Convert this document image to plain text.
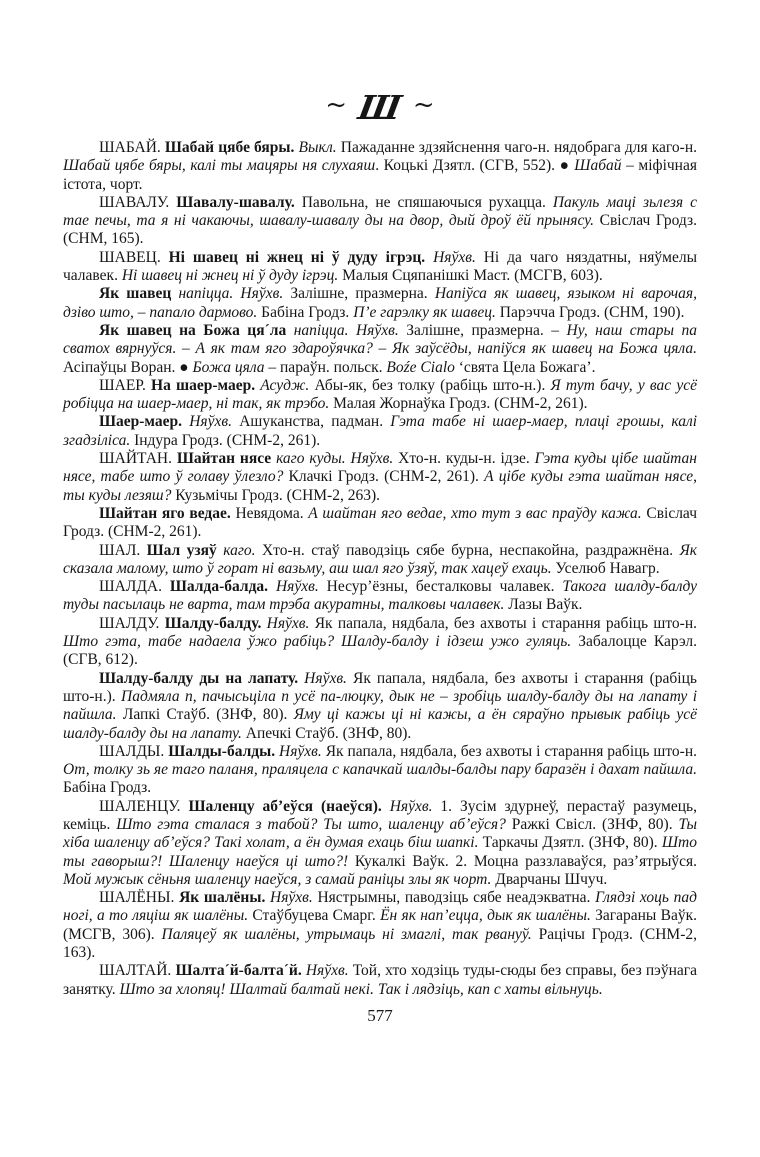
~ Ш ~

ШАБАЙ. Шабай цябе бяры. Выкл. Пажаданне здзяйснення чаго-н. нядобрага для каго-н. Шабай цябе бяры, калі ты мацяры ня слухаяш. Коцькі Дзятл. (СГВ, 552). ● Шабай – міфічная істота, чорт.

ШАВАЛУ. Шавалу-шавалу. Павольна, не спяшаючыся рухацца. Пакуль маці зьлезя с тае печы, та я ні чакаючы, шавалу-шавалу ды на двор, дый дроў ёй прынясу. Свіслач Гродз. (СНМ, 165).

ШАВЕЦ. Ні шавец ні жнец ні ў дуду ігрэц. Няўхв. Ні да чаго няздатны, няўмелы чалавек. Ні шавец ні жнец ні ў дуду ігрэц. Малыя Сцяпанішкі Маст. (МСГВ, 603).

Як шавец напіцца. Няўхв. Залішне, празмерна. Напіўса як шавец, языком ні варочая, дзіво што, – папало дармово. Бабіна Гродз. П’е гарэлку як шавец. Парэчча Гродз. (СНМ, 190).

Як шавец на Божа ця´ла напіцца. Няўхв. Залішне, празмерна. – Ну, наш стары па сватох вярнуўся. – А як там яго здароўячка? – Як заўсёды, напіўся як шавец на Божа цяла. Асіпаўцы Воран. ● Божа цяла – параўн. польск. Boźe Cialo ‘свята Цела Божага’.

ШАЕР. На шаер-маер. Асудж. Абы-як, без толку (рабіць што-н.). Я тут бачу, у вас усё робіцца на шаер-маер, ні так, як трэбо. Малая Жорнаўка Гродз. (СНМ-2, 261).

Шаер-маер. Няўхв. Ашуканства, падман. Гэта табе ні шаер-маер, плаці грошы, калі згадзіліса. Індура Гродз. (СНМ-2, 261).

ШАЙТАН. Шайтан нясе каго куды. Няўхв. Хто-н. куды-н. ідзе. Гэта куды цібе шайтан нясе, табе што ў голаву ўлезло? Клачкі Гродз. (СНМ-2, 261). А цібе куды гэта шайтан нясе, ты куды лезяш? Кузьмічы Гродз. (СНМ-2, 263).

Шайтан яго ведае. Невядома. А шайтан яго ведае, хто тут з вас праўду кажа. Свіслач Гродз. (СНМ-2, 261).

ШАЛ. Шал узяў каго. Хто-н. стаў паводзіць сябе бурна, неспакойна, раздражнёна. Як сказала малому, што ў горат ні вазьму, аш шал яго ўзяў, так хацеў ехаць. Уселюб Навагр.

ШАЛДА. Шалда-балда. Няўхв. Несур’ёзны, бесталковы чалавек. Такога шалду-балду туды пасылаць не варта, там трэба акуратны, талковы чалавек. Лазы Ваўк.

ШАЛДУ. Шалду-балду. Няўхв. Як папала, нядбала, без ахвоты і старання рабіць што-н. Што гэта, табе надаела ўжо рабіць? Шалду-балду і ідзеш ужо гуляць. Забалоцце Карэл. (СГВ, 612).

Шалду-балду ды на лапату. Няўхв. Як папала, нядбала, без ахвоты і старання (рабіць што-н.). Падмяла п, пачысьціла п усё па-люцку, дык не – зробіць шалду-балду ды на лапату і пайшла. Лапкі Стаўб. (ЗНФ, 80). Яму ці кажы ці ні кажы, а ён сяраўно прывык рабіць усё шалду-балду ды на лапату. Апечкі Стаўб. (ЗНФ, 80).

ШАЛДЫ. Шалды-балды. Няўхв. Як папала, нядбала, без ахвоты і старання рабіць што-н. От, толку зь яе таго паланя, праляцела с капачкай шалды-балды пару баразён і дахат пайшла. Бабіна Гродз.

ШАЛЕНЦУ. Шаленцу аб’еўся (наеўся). Няўхв. 1. Зусім здурнеў, перастаў разумець, кеміць. Што гэта сталася з табой? Ты што, шаленцу аб’еўся? Ражкі Свісл. (ЗНФ, 80). Ты хіба шаленцу аб’еўся? Такі холат, а ён думая ехаць біш шапкі. Таркачы Дзятл. (ЗНФ, 80). Што ты гаворыш?! Шаленцу наеўся ці што?! Кукалкі Ваўк. 2. Моцна раззлаваўся, раз’ятрыўся. Мой мужык сёньня шаленцу наеўся, з самай раніцы злы як чорт. Дварчаны Шчуч.

ШАЛЁНЫ. Як шалёны. Няўхв. Нястрымны, паводзіць сябе неадэкватна. Глядзі хоць пад ногі, а то ляціш як шалёны. Стаўбуцева Смарг. Ён як нап’ецца, дык як шалёны. Загараны Ваўк. (МСГВ, 306). Паляцеў як шалёны, утрымаць ні змаглі, так рвануў. Рацічы Гродз. (СНМ-2, 163).

ШАЛТАЙ. Шалта´й-балта´й. Няўхв. Той, хто ходзіць туды-сюды без справы, без пэўнага занятку. Што за хлопяц! Шалтай балтай некі. Так і лядзіць, кап с хаты вільнуць.

577
